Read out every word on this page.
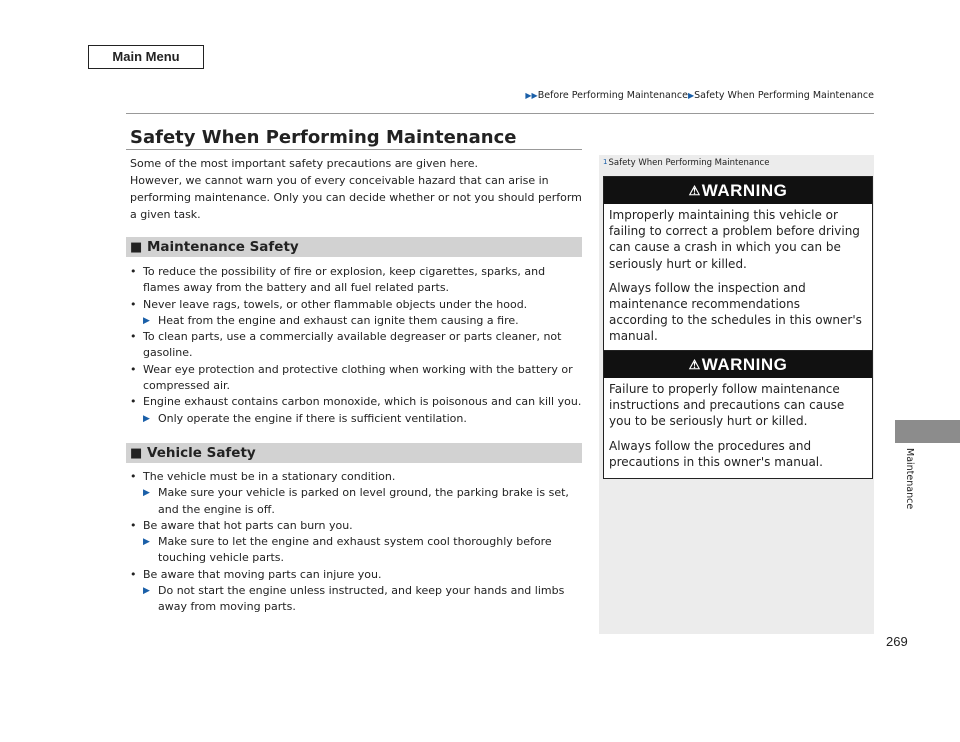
Main Menu
▶▶Before Performing Maintenance▶Safety When Performing Maintenance
Safety When Performing Maintenance

Some of the most important safety precautions are given here.

However, we cannot warn you of every conceivable hazard that can arise in performing maintenance. Only you can decide whether or not you should perform a given task.

■ Maintenance Safety
• To reduce the possibility of fire or explosion, keep cigarettes, sparks, and flames away from the battery and all fuel related parts.
• Never leave rags, towels, or other flammable objects under the hood.
▶ Heat from the engine and exhaust can ignite them causing a fire.
• To clean parts, use a commercially available degreaser or parts cleaner, not gasoline.
• Wear eye protection and protective clothing when working with the battery or compressed air.
• Engine exhaust contains carbon monoxide, which is poisonous and can kill you.
▶ Only operate the engine if there is sufficient ventilation.
■ Vehicle Safety
• The vehicle must be in a stationary condition.
▶ Make sure your vehicle is parked on level ground, the parking brake is set, and the engine is off.
• Be aware that hot parts can burn you.
▶ Make sure to let the engine and exhaust system cool thoroughly before touching vehicle parts.
• Be aware that moving parts can injure you.
▶ Do not start the engine unless instructed, and keep your hands and limbs away from moving parts.
$^1$Safety When Performing Maintenance
⚠WARNING

Improperly maintaining this vehicle or failing to correct a problem before driving can cause a crash in which you can be seriously hurt or killed.

Always follow the inspection and maintenance recommendations according to the schedules in this owner's manual.

⚠WARNING

Failure to properly follow maintenance instructions and precautions can cause you to be seriously hurt or killed.

Always follow the procedures and precautions in this owner's manual.	Maintenance
269
